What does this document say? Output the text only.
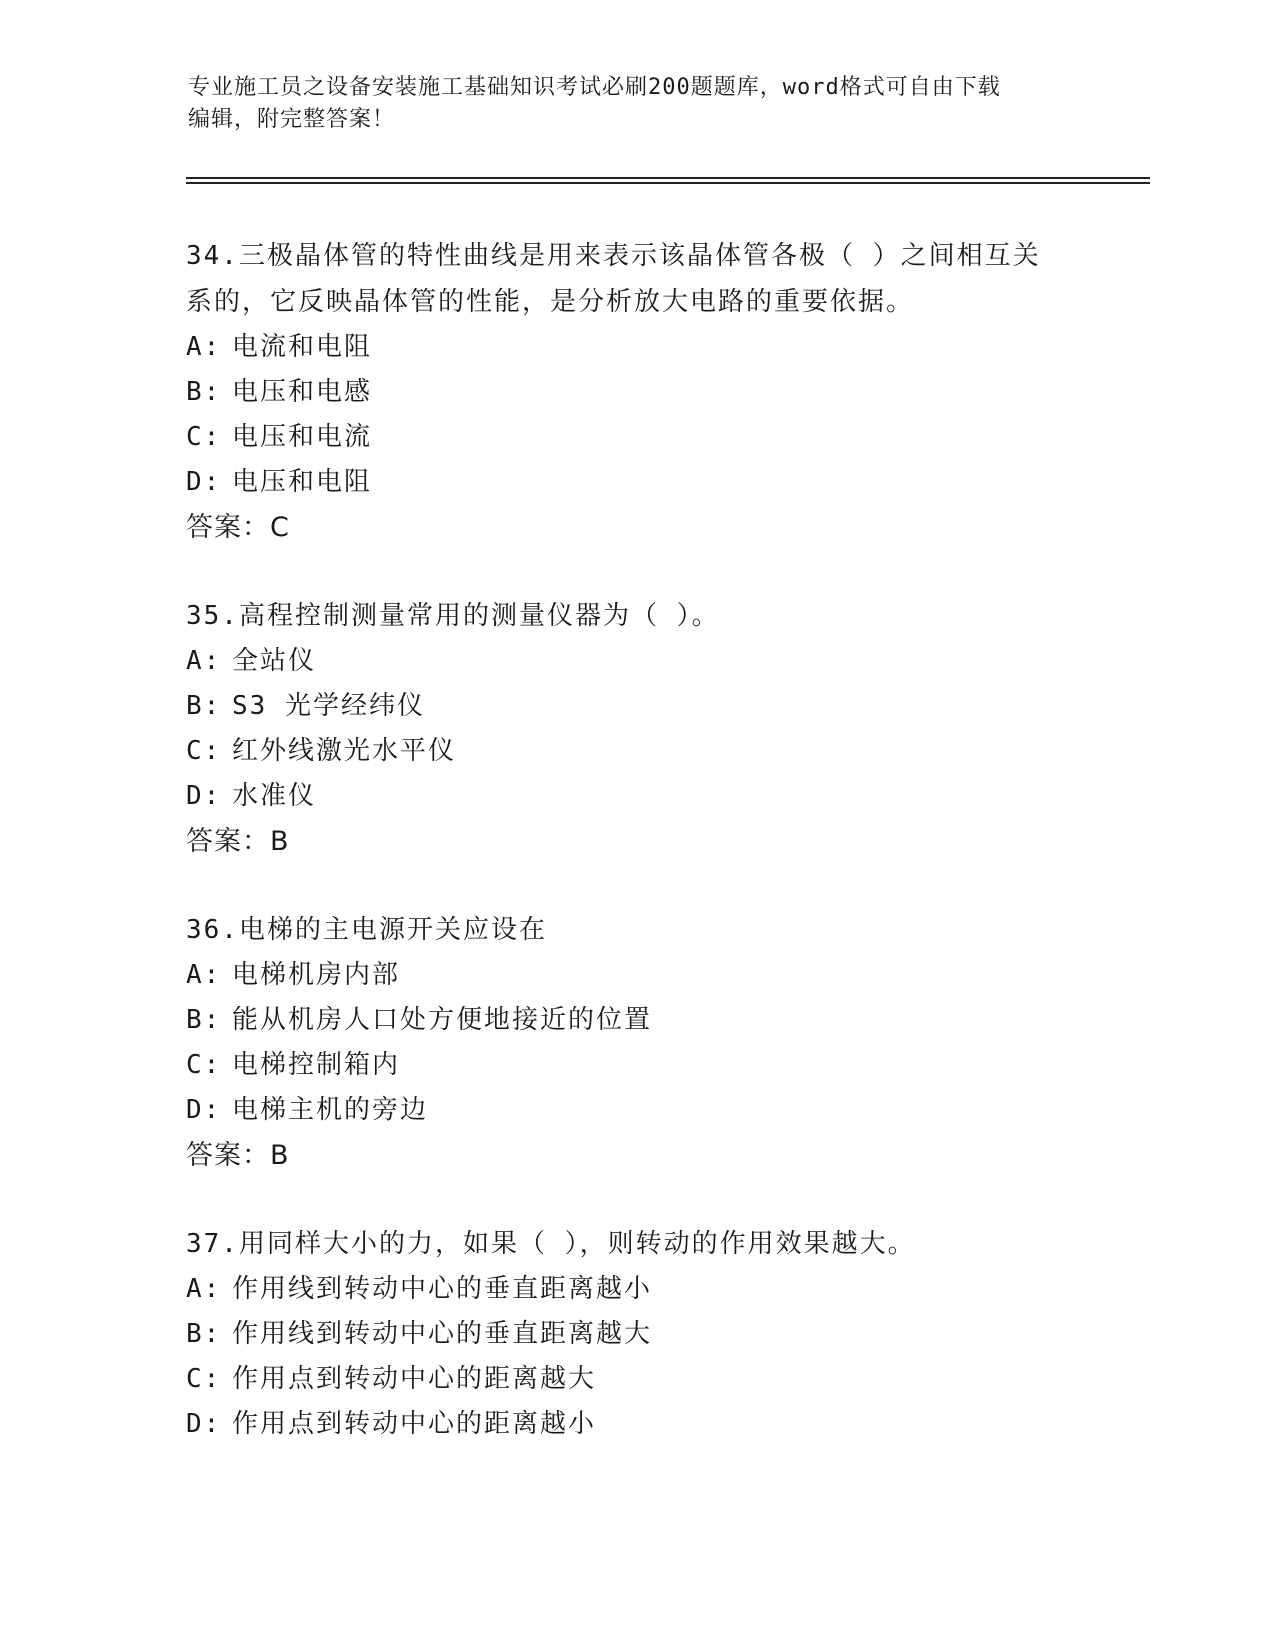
专业施工员之设备安装施工基础知识考试必刷200题题库，word格式可自由下载
编辑，附完整答案！
34.三极晶体管的特性曲线是用来表示该晶体管各极（ ）之间相互关
系的，它反映晶体管的性能，是分析放大电路的重要依据。
A: 电流和电阻
B: 电压和电感
C: 电压和电流
D: 电压和电阻
答案：C
35.高程控制测量常用的测量仪器为（ ）。
A: 全站仪
B: S3 光学经纬仪
C: 红外线激光水平仪
D: 水准仪
答案：B
36.电梯的主电源开关应设在
A: 电梯机房内部
B: 能从机房人口处方便地接近的位置
C: 电梯控制箱内
D: 电梯主机的旁边
答案：B
37.用同样大小的力，如果（ ），则转动的作用效果越大。
A: 作用线到转动中心的垂直距离越小
B: 作用线到转动中心的垂直距离越大
C: 作用点到转动中心的距离越大
D: 作用点到转动中心的距离越小
